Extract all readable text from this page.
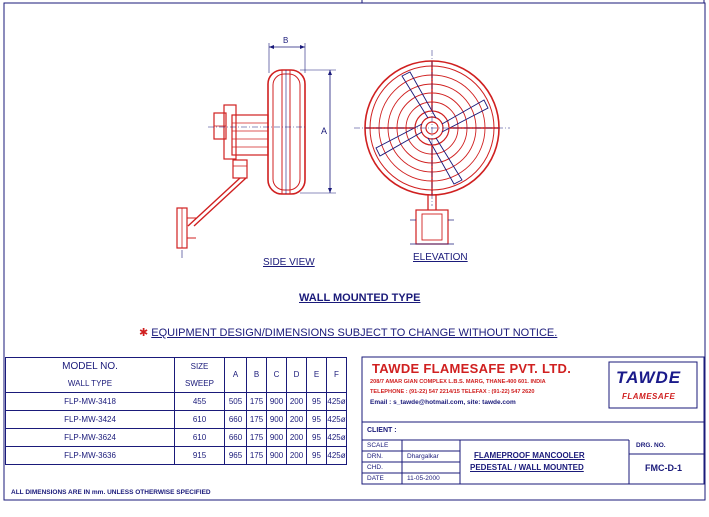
B
A
SIDE VIEW	ELEVATION
WALL MOUNTED TYPE
✱ EQUIPMENT DESIGN/DIMENSIONS SUBJECT TO CHANGE WITHOUT NOTICE.
MODEL NO.	SIZE	A	B	C	D	E	F
WALL TYPE	SWEEP						
FLP-MW-3418	455	505	175	900	200	95	425ø
FLP-MW-3424	610	660	175	900	200	95	425ø
FLP-MW-3624	610	660	175	900	200	95	425ø
FLP-MW-3636	915	965	175	900	200	95	425ø
TAWDE FLAMESAFE PVT. LTD.
208/7 AMAR GIAN COMPLEX L.B.S. MARG, THANE-400 601. INDIA
TELEPHONE : (91-22) 547 2214/15 TELEFAX : (91-22) 547 2620
Email : s_tawde@hotmail.com, site: tawde.com
TAWDE
FLAMESAFE
CLIENT :
SCALE
DRN.	Dhargalkar
CHD.
DATE	11-05-2000
FLAMEPROOF MANCOOLER
PEDESTAL / WALL MOUNTED
DRG. NO.
FMC-D-1
ALL DIMENSIONS ARE IN mm. UNLESS OTHERWISE SPECIFIED
